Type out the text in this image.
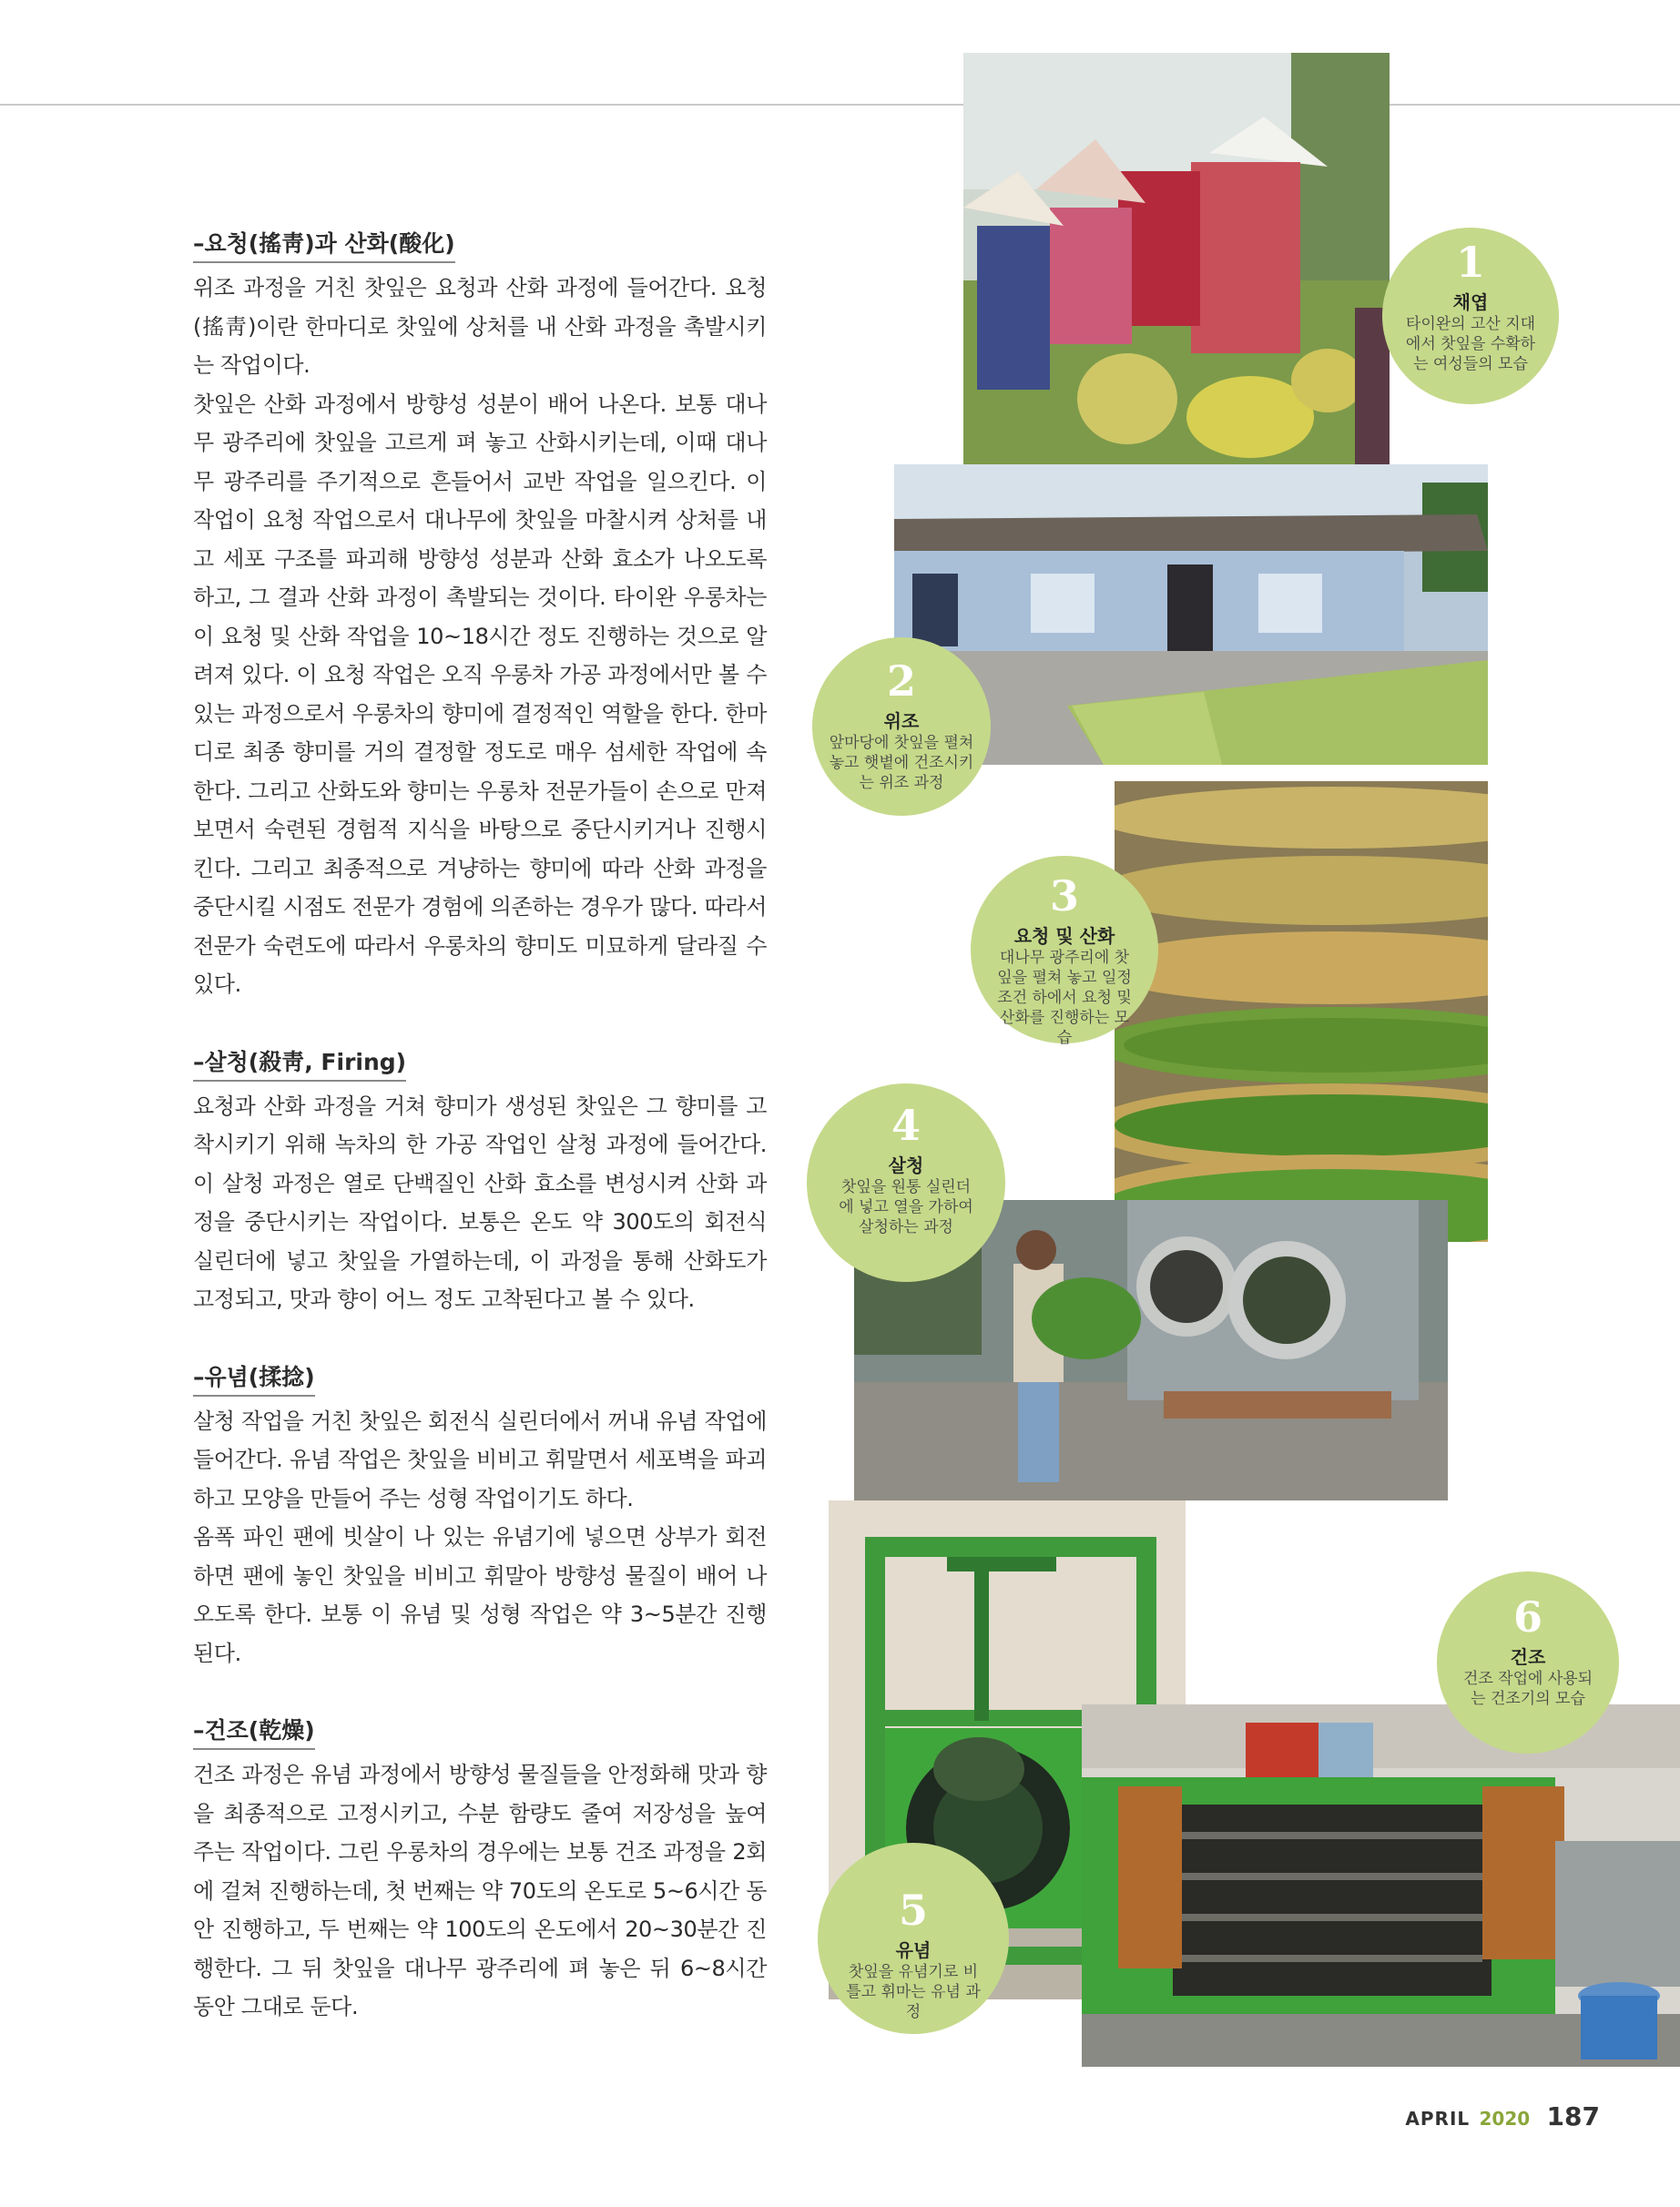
–요청(搖靑)과 산화(酸化)

위조 과정을 거친 찻잎은 요청과 산화 과정에 들어간다. 요청(搖靑)이란 한마디로 찻잎에 상처를 내 산화 과정을 촉발시키는 작업이다.

찻잎은 산화 과정에서 방향성 성분이 배어 나온다. 보통 대나무 광주리에 찻잎을 고르게 펴 놓고 산화시키는데, 이때 대나무 광주리를 주기적으로 흔들어서 교반 작업을 일으킨다. 이 작업이 요청 작업으로서 대나무에 찻잎을 마찰시켜 상처를 내고 세포 구조를 파괴해 방향성 성분과 산화 효소가 나오도록 하고, 그 결과 산화 과정이 촉발되는 것이다. 타이완 우롱차는 이 요청 및 산화 작업을 10~18시간 정도 진행하는 것으로 알려져 있다. 이 요청 작업은 오직 우롱차 가공 과정에서만 볼 수 있는 과정으로서 우롱차의 향미에 결정적인 역할을 한다. 한마디로 최종 향미를 거의 결정할 정도로 매우 섬세한 작업에 속한다. 그리고 산화도와 향미는 우롱차 전문가들이 손으로 만져 보면서 숙련된 경험적 지식을 바탕으로 중단시키거나 진행시킨다. 그리고 최종적으로 겨냥하는 향미에 따라 산화 과정을 중단시킬 시점도 전문가 경험에 의존하는 경우가 많다. 따라서 전문가 숙련도에 따라서 우롱차의 향미도 미묘하게 달라질 수 있다.

–살청(殺靑, Firing)

요청과 산화 과정을 거쳐 향미가 생성된 찻잎은 그 향미를 고착시키기 위해 녹차의 한 가공 작업인 살청 과정에 들어간다. 이 살청 과정은 열로 단백질인 산화 효소를 변성시켜 산화 과정을 중단시키는 작업이다. 보통은 온도 약 300도의 회전식 실린더에 넣고 찻잎을 가열하는데, 이 과정을 통해 산화도가 고정되고, 맛과 향이 어느 정도 고착된다고 볼 수 있다.

–유념(揉捻)

살청 작업을 거친 찻잎은 회전식 실린더에서 꺼내 유념 작업에 들어간다. 유념 작업은 찻잎을 비비고 휘말면서 세포벽을 파괴하고 모양을 만들어 주는 성형 작업이기도 하다.

옴폭 파인 팬에 빗살이 나 있는 유념기에 넣으면 상부가 회전하면 팬에 놓인 찻잎을 비비고 휘말아 방향성 물질이 배어 나오도록 한다. 보통 이 유념 및 성형 작업은 약 3~5분간 진행된다.

–건조(乾燥)

건조 과정은 유념 과정에서 방향성 물질들을 안정화해 맛과 향을 최종적으로 고정시키고, 수분 함량도 줄여 저장성을 높여 주는 작업이다. 그린 우롱차의 경우에는 보통 건조 과정을 2회에 걸쳐 진행하는데, 첫 번째는 약 70도의 온도로 5~6시간 동안 진행하고, 두 번째는 약 100도의 온도에서 20~30분간 진행한다. 그 뒤 찻잎을 대나무 광주리에 펴 놓은 뒤 6~8시간 동안 그대로 둔다.

1
채엽
타이완의 고산 지대에서 찻잎을 수확하는 여성들의 모습
2
위조
앞마당에 찻잎을 펼쳐 놓고 햇볕에 건조시키는 위조 과정
3
요청 및 산화
대나무 광주리에 찻잎을 펼쳐 놓고 일정 조건 하에서 요청 및 산화를 진행하는 모습
4
살청
찻잎을 원통 실린더에 넣고 열을 가하여 살청하는 과정
5
유념
찻잎을 유념기로 비틀고 휘마는 유념 과정
6
건조
건조 작업에 사용되는 건조기의 모습
APRIL 2020 187
